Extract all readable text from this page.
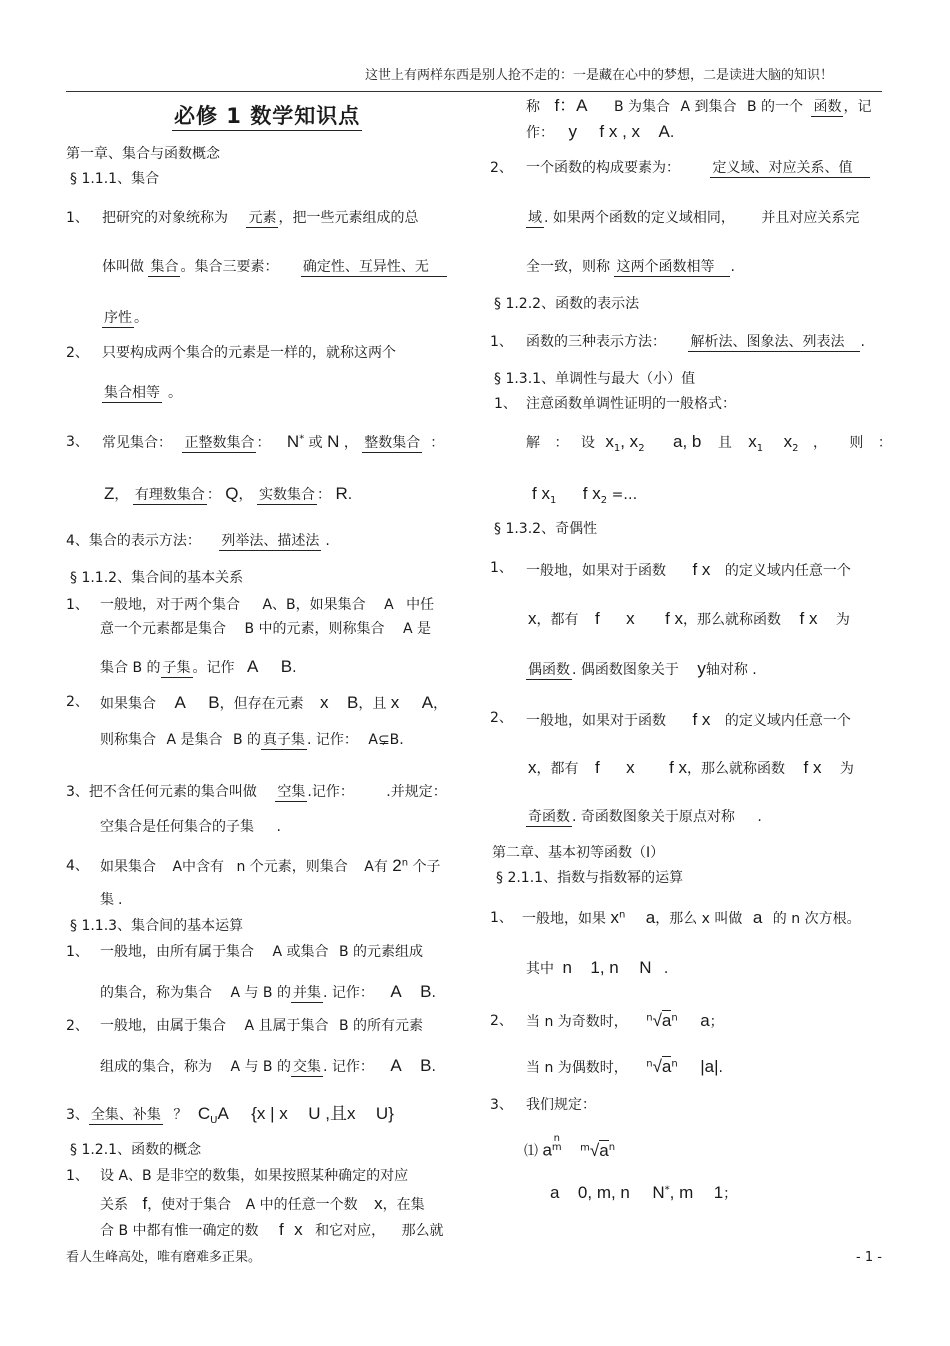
这世上有两样东西是别人抢不走的：一是藏在心中的梦想，二是读进大脑的知识！
必修 1 数学知识点
第一章、集合与函数概念
§ 1.1.1、集合
1、 把研究的对象统称为 元素 ，把一些元素组成的总
体叫做 集合 。集合三要素： 确定性、互异性、无
序性 。
2、 只要构成两个集合的元素是一样的，就称这两个
集合相等 。
3、 常见集合： 正整数集合 ： N* 或 N ， 整数集合 ：
Z， 有理数集合 ： Q， 实数集合 ： R.
4、集合的表示方法： 列举法、描述法 .
§ 1.1.2、集合间的基本关系
1、 一般地，对于两个集合 A、B，如果集合 A 中任
意一个元素都是集合 B 中的元素，则称集合 A 是
集合 B 的 子集 。记作 A B.
2、 如果集合 A B，但存在元素 x B，且 x A，
则称集合 A 是集合 B 的 真子集 . 记作： A⊊B.
3、把不含任何元素的集合叫做 空集 .记作： .并规定：
空集合是任何集合的子集 .
4、 如果集合 A中含有 n 个元素，则集合 A有 2$^n$ 个子
集 .
§ 1.1.3、集合间的基本运算
1、 一般地，由所有属于集合 A 或集合 B 的元素组成
的集合，称为集合 A 与 B 的 并集 . 记作： A B.
2、 一般地，由属于集合 A 且属于集合 B 的所有元素
组成的集合，称为 A 与 B 的 交集 . 记作： A B.
3、 全集、补集 ？ $C_UA$ {x | x U ,且x U}
§ 1.2.1、函数的概念
1、 设 A、B 是非空的数集，如果按照某种确定的对应
关系 f，使对于集合 A 中的任意一个数 x，在集
合 B 中都有惟一确定的数 f x 和它对应， 那么就
称 f：A B 为集合 A 到集合 B 的一个 函数 ，记
作： y f x , x A.
2、 一个函数的构成要素为： 定义域、对应关系、值
域 . 如果两个函数的定义域相同， 并且对应关系完
全一致，则称 这两个函数相等 .
§ 1.2.2、函数的表示法
1、 函数的三种表示方法： 解析法、图象法、列表法 .
§ 1.3.1、单调性与最大（小）值
1、 注意函数单调性证明的一般格式：
解 ： 设 $x_1$, $x_2$ a, b 且 $x_1$ $x_2$ ， 则 ：
f $x_1$ f $x_2$ =…
§ 1.3.2、奇偶性
1、 一般地，如果对于函数 f x 的定义域内任意一个
x，都有 f x f x，那么就称函数 f x 为
偶函数 . 偶函数图象关于 y轴对称 .
2、 一般地，如果对于函数 f x 的定义域内任意一个
x，都有 f x f x，那么就称函数 f x 为
奇函数 . 奇函数图象关于原点对称 .
第二章、基本初等函数（Ⅰ）
§ 2.1.1、指数与指数幂的运算
1、 一般地，如果 $x^n$ a，那么 x 叫做 a 的 n 次方根。
其中 n 1, n N .
2、 当 n 为奇数时， $^n√a^n$ a；
当 n 为偶数时， $^n√a^n$ |a|.
3、 我们规定：
⑴ $a^{n m}$ $^m√a^n$
a 0, m, n N*, m 1；
看人生峰高处，唯有磨难多正果。	- 1 -
